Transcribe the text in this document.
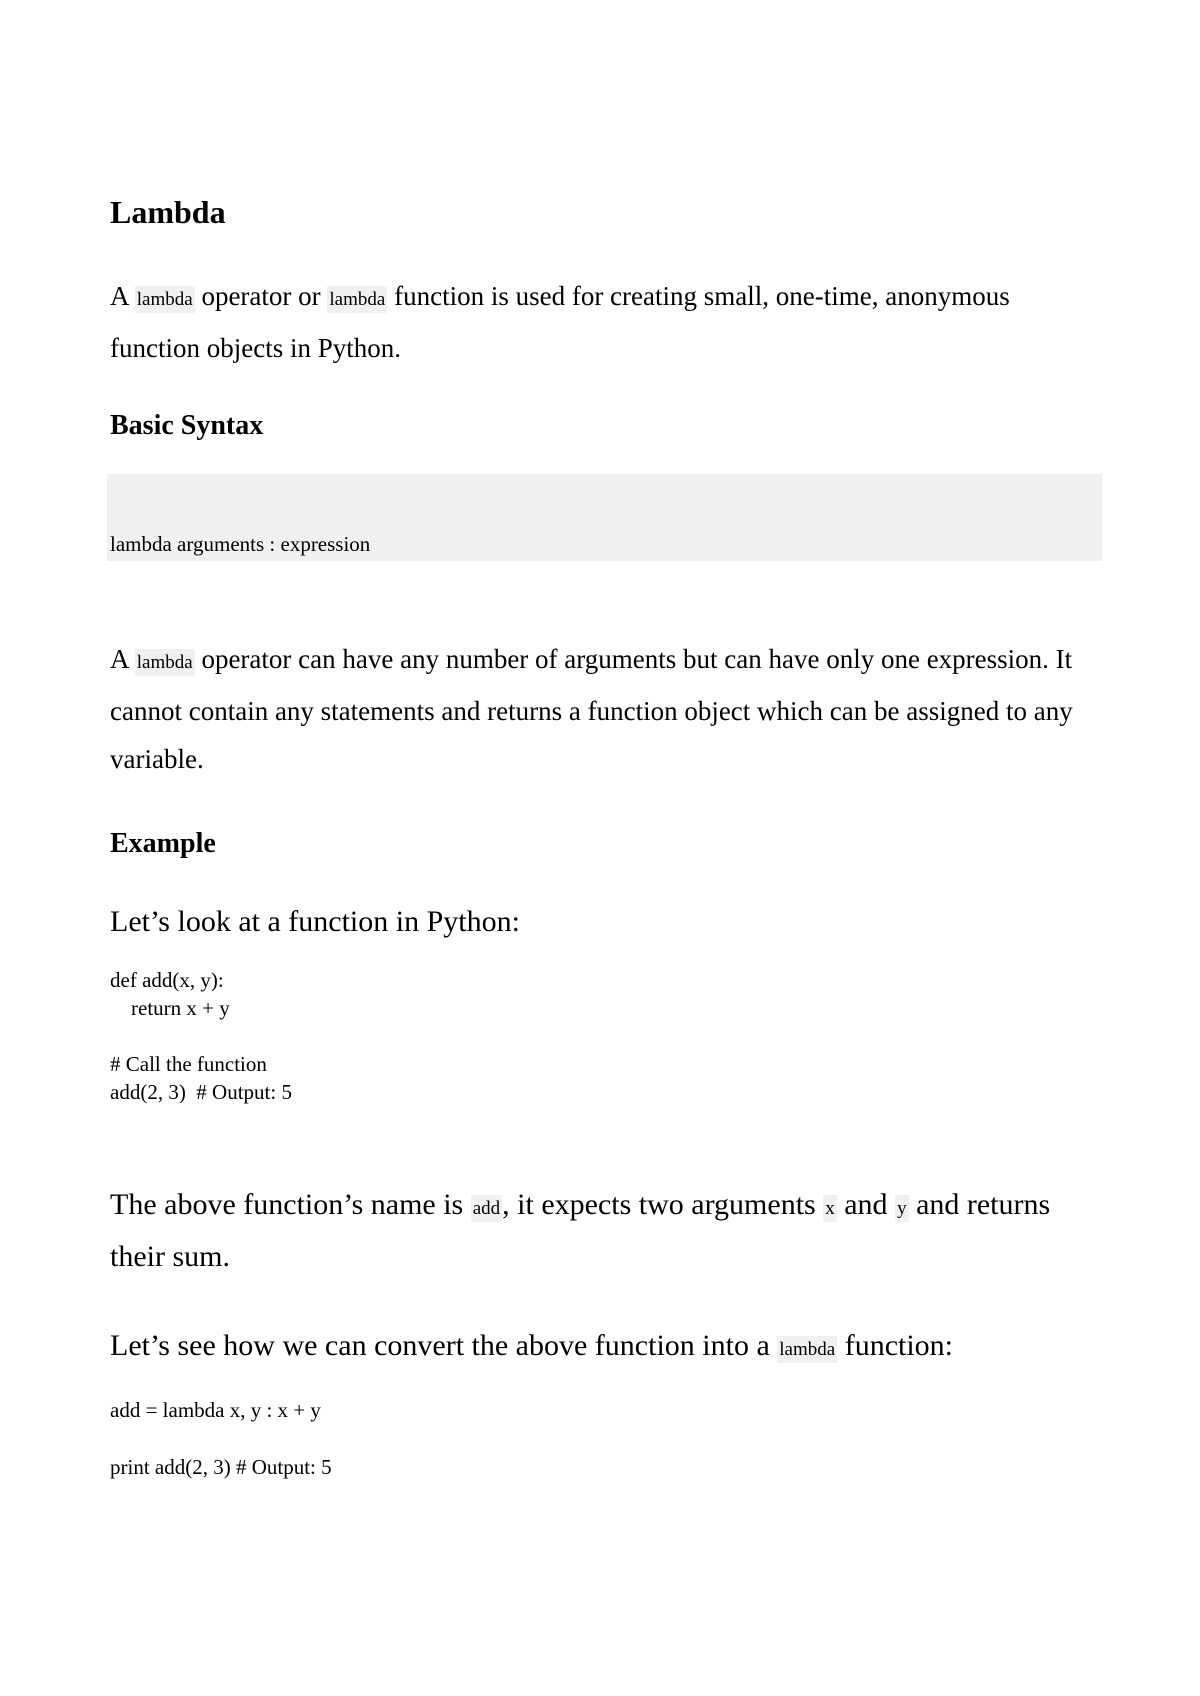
Lambda

A lambda operator or lambda function is used for creating small, one-time, anonymous function objects in Python.

Basic Syntax
lambda arguments : expression

A lambda operator can have any number of arguments but can have only one expression. It cannot contain any statements and returns a function object which can be assigned to any variable.

Example

Let’s look at a function in Python:

def add(x, y):
return x + y

# Call the function
add(2, 3)  # Output: 5

The above function’s name is add, it expects two arguments x and y and returns their sum.

Let’s see how we can convert the above function into a lambda function:

add = lambda x, y : x + y
print add(2, 3) # Output: 5
